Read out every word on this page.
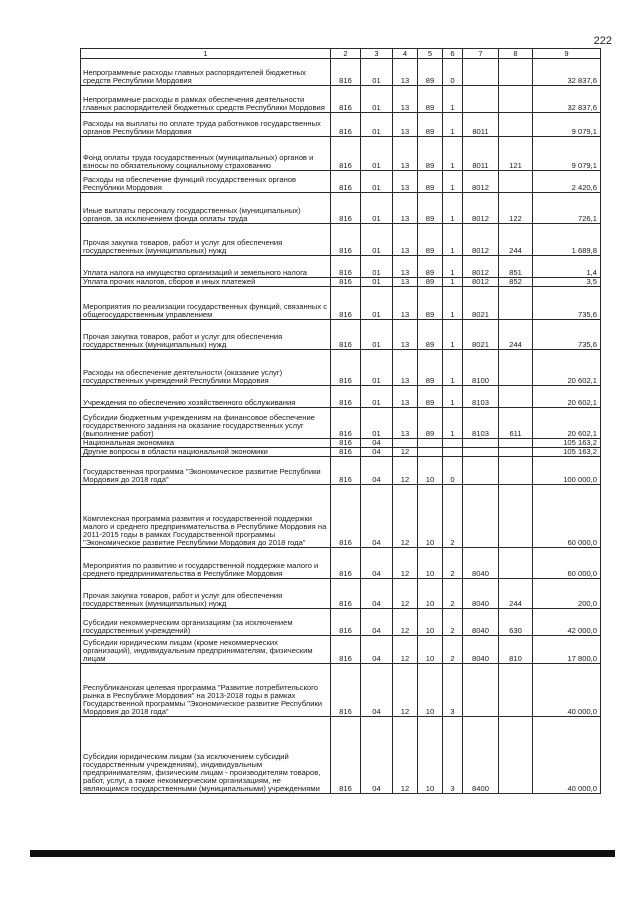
222
1	2	3	4	5	6	7	8	9
Непрограммные расходы главных распорядителей бюджетных средств Республики Мордовия	816	01	13	89	0			32 837,6
Непрограммные расходы в рамках обеспечения деятельности главных распорядителей бюджетных средств Республики Мордовия	816	01	13	89	1			32 837,6
Расходы на выплаты по оплате труда работников государственных органов Республики Мордовия	816	01	13	89	1	8011		9 079,1
Фонд оплаты труда государственных (муниципальных) органов и взносы по обязательному социальному страхованию	816	01	13	89	1	8011	121	9 079,1
Расходы на обеспечение функций государственных органов Республики Мордовия	816	01	13	89	1	8012		2 420,6
Иные выплаты персоналу государственных (муниципальных) органов, за исключением фонда оплаты труда	816	01	13	89	1	8012	122	726,1
Прочая закупка товаров, работ и услуг для обеспечения государственных (муниципальных) нужд	816	01	13	89	1	8012	244	1 689,8
Уплата налога на имущество организаций и земельного налога	816	01	13	89	1	8012	851	1,4
Уплата прочих налогов, сборов и иных платежей	816	01	13	89	1	8012	852	3,5
Мероприятия по реализации государственных функций, связанных с общегосударственным управлением	816	01	13	89	1	8021		735,6
Прочая закупка товаров, работ и услуг для обеспечения государственных (муниципальных) нужд	816	01	13	89	1	8021	244	735,6
Расходы на обеспечение деятельности (оказание услуг) государственных учреждений Республики Мордовия	816	01	13	89	1	8100		20 602,1
Учреждения по обеспечению хозяйственного обслуживания	816	01	13	89	1	8103		20 602,1
Субсидии бюджетным учреждениям на финансовое обеспечение государственного задания на оказание государственных услуг (выполнение работ)	816	01	13	89	1	8103	611	20 602,1
Национальная экономика	816	04						105 163,2
Другие вопросы в области национальной экономики	816	04	12					105 163,2
Государственная программа "Экономическое развитие Республики Мордовия до 2018 года"	816	04	12	10	0			100 000,0
Комплексная программа развития и государственной поддержки малого и среднего предпринимательства в Республике Мордовия на 2011-2015 годы в рамках Государственной программы "Экономическое развитие Республики Мордовия до 2018 года"	816	04	12	10	2			60 000,0
Мероприятия по развитию и государственной поддержке малого и среднего предпринимательства в Республике Мордовия	816	04	12	10	2	8040		60 000,0
Прочая закупка товаров, работ и услуг для обеспечения государственных (муниципальных) нужд	816	04	12	10	2	8040	244	200,0
Субсидии некоммерческим организациям (за исключением государственных учреждений)	816	04	12	10	2	8040	630	42 000,0
Субсидии юридическим лицам (кроме некоммерческих организаций), индивидуальным предпринимателям, физическим лицам	816	04	12	10	2	8040	810	17 800,0
Республиканская целевая программа "Развитие потребительского рынка в Республике Мордовия" на 2013-2018 годы в рамках Государственной программы "Экономическое развитие Республики Мордовия до 2018 года"	816	04	12	10	3			40 000,0
Субсидии юридическим лицам (за исключением субсидий государственным учреждениям), индивидуальным предпринимателям, физическим лицам - производителям товаров, работ, услуг, а также некоммерческим организациям, не являющимся государственными (муниципальными) учреждениями	816	04	12	10	3	8400		40 000,0
